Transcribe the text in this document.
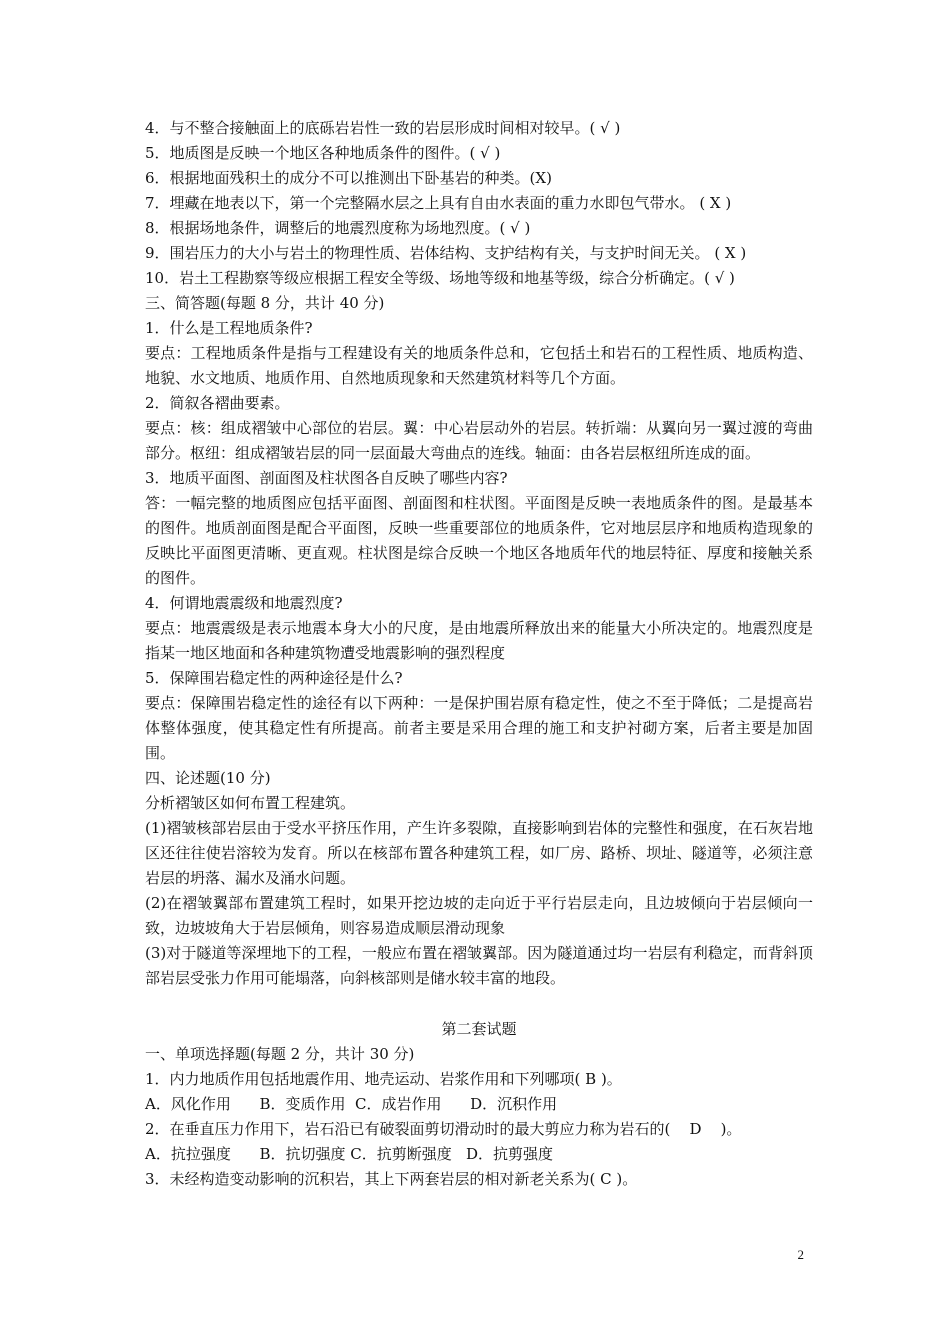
4．与不整合接触面上的底砾岩岩性一致的岩层形成时间相对较早。( √ )
5．地质图是反映一个地区各种地质条件的图件。( √ )
6．根据地面残积土的成分不可以推测出下卧基岩的种类。(X)
7．埋藏在地表以下，第一个完整隔水层之上具有自由水表面的重力水即包气带水。 ( X )
8．根据场地条件，调整后的地震烈度称为场地烈度。( √ )
9．围岩压力的大小与岩土的物理性质、岩体结构、支护结构有关，与支护时间无关。 ( X )
10．岩土工程勘察等级应根据工程安全等级、场地等级和地基等级，综合分析确定。( √ )
三、简答题(每题 8 分，共计 40 分)
1．什么是工程地质条件?
要点：工程地质条件是指与工程建设有关的地质条件总和，它包括土和岩石的工程性质、地质构造、地貌、水文地质、地质作用、自然地质现象和天然建筑材料等几个方面。
2．简叙各褶曲要素。
要点：核：组成褶皱中心部位的岩层。翼：中心岩层动外的岩层。转折端：从翼向另一翼过渡的弯曲部分。枢纽：组成褶皱岩层的同一层面最大弯曲点的连线。轴面：由各岩层枢纽所连成的面。
3．地质平面图、剖面图及柱状图各自反映了哪些内容?
答：一幅完整的地质图应包括平面图、剖面图和柱状图。平面图是反映一表地质条件的图。是最基本的图件。地质剖面图是配合平面图，反映一些重要部位的地质条件，它对地层层序和地质构造现象的反映比平面图更清晰、更直观。柱状图是综合反映一个地区各地质年代的地层特征、厚度和接触关系的图件。
4．何谓地震震级和地震烈度?
要点：地震震级是表示地震本身大小的尺度，是由地震所释放出来的能量大小所决定的。地震烈度是指某一地区地面和各种建筑物遭受地震影响的强烈程度
5．保障围岩稳定性的两种途径是什么?
要点：保障围岩稳定性的途径有以下两种：一是保护围岩原有稳定性，使之不至于降低；二是提高岩体整体强度，使其稳定性有所提高。前者主要是采用合理的施工和支护衬砌方案，后者主要是加固围。
四、论述题(10 分)
分析褶皱区如何布置工程建筑。
(1)褶皱核部岩层由于受水平挤压作用，产生许多裂隙，直接影响到岩体的完整性和强度，在石灰岩地区还往往使岩溶较为发育。所以在核部布置各种建筑工程，如厂房、路桥、坝址、隧道等，必须注意岩层的坍落、漏水及涌水问题。
(2)在褶皱翼部布置建筑工程时，如果开挖边坡的走向近于平行岩层走向，且边坡倾向于岩层倾向一致，边坡坡角大于岩层倾角，则容易造成顺层滑动现象
(3)对于隧道等深埋地下的工程，一般应布置在褶皱翼部。因为隧道通过均一岩层有利稳定，而背斜顶部岩层受张力作用可能塌落，向斜核部则是储水较丰富的地段。
第二套试题
一、单项选择题(每题 2 分，共计 30 分)
1．内力地质作用包括地震作用、地壳运动、岩浆作用和下列哪项( B )。
A．风化作用      B．变质作用  C．成岩作用      D．沉积作用
2．在垂直压力作用下，岩石沿已有破裂面剪切滑动时的最大剪应力称为岩石的(    D    )。
A．抗拉强度      B．抗切强度 C．抗剪断强度   D．抗剪强度
3．未经构造变动影响的沉积岩，其上下两套岩层的相对新老关系为( C )。
2
